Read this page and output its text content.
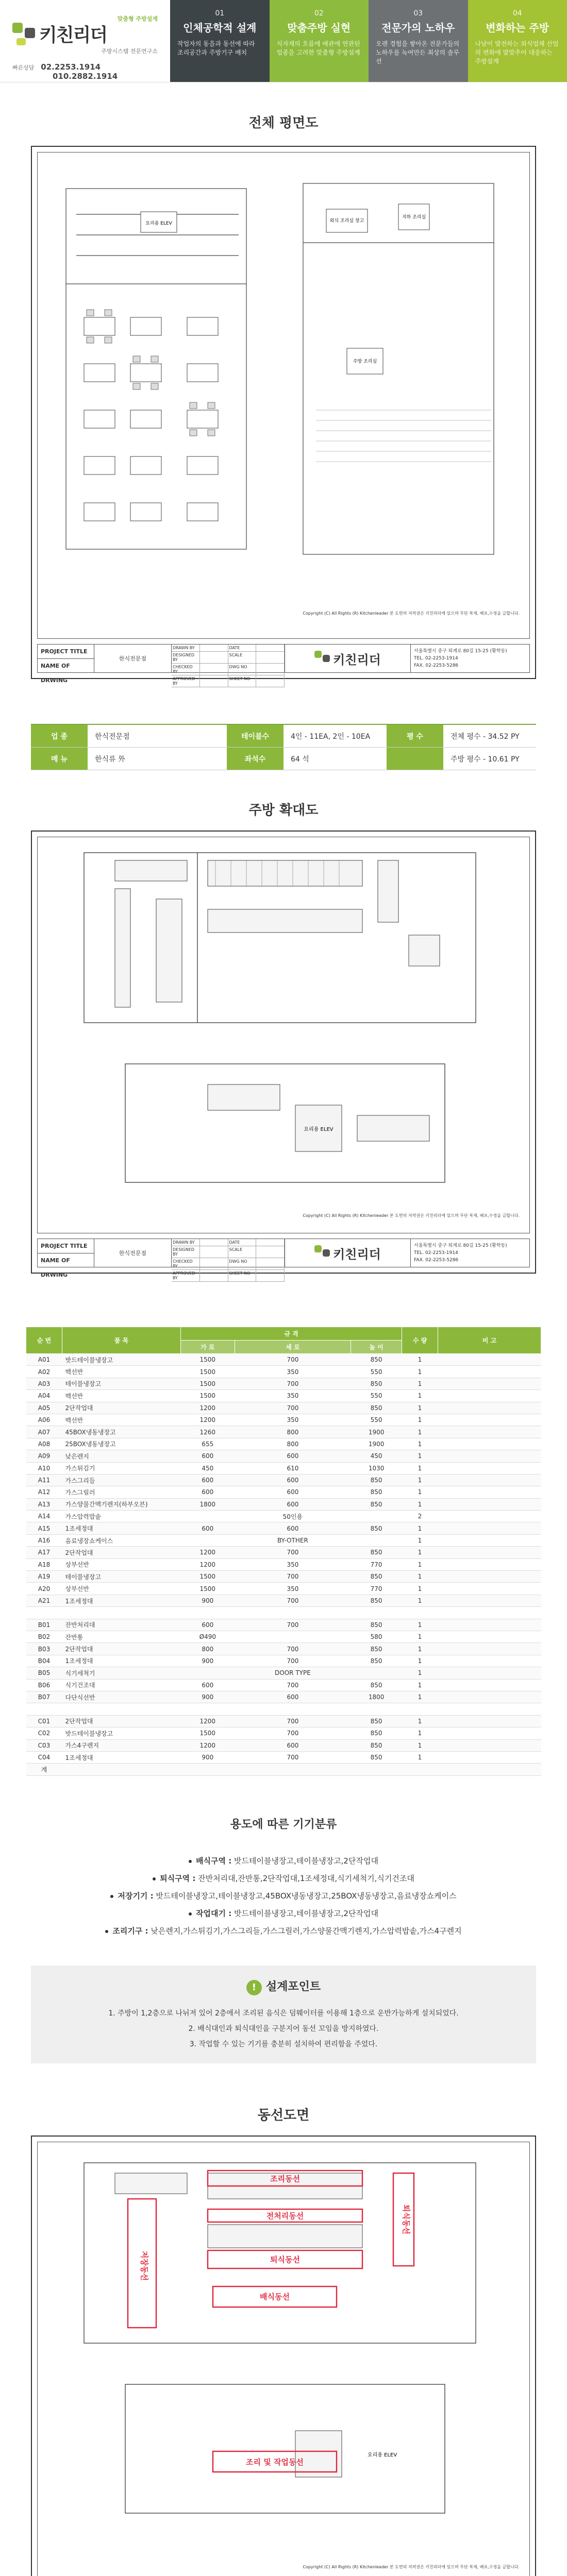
맞춤형 주방설계
키친리더
주방시스템 전문연구소
빠른상담 02.2253.1914
010.2882.1914
01
인체공학적 설계
작업자의 동을과 동선에 따라 조리공간과 주방기구 배치
02
맞춤주방 실현
식자재의 흐름에 배관에 연관된 업종을 고려한 맞춤형 주방설계
03
전문가의 노하우
오랜 경험을 쌓아온 전문가들의 노하우를 녹여만든 최상의 솔루션
04
변화하는 주방
나날이 발전하는 외식업체 산업의 변화에 발맞추어 대응하는 주방설계
전체 평면도
요리용 ELEV	외식 조리실 창고
주방 조리실
지하 조리실
Copyright (C) All Rights (R) Kitchenleader 본 도면의 저작권은 키친리더에 있으며 무단 복제, 배포,수정을 금합니다.
PROJECT TITLE
NAME OF DRWING
한식전문점
DRAWN BY	DATE
DESIGNED BY
SCALE
CHECKED BY
DWG NO
APPROVED BY
SHEET NO
키친리더
서울특별시 중구 퇴계로 80길 15-25 (황학동)
TEL. 02-2253-1914
FAX. 02-2253-5286
업 종	한식전문점	테이블수	4인 - 11EA, 2인 - 10EA	평 수	전체 평수 - 34.52 PY
메 뉴	한식류 外	좌석수	64 석	주방 평수 - 10.61 PY
주방 확대도
요리용 ELEV
Copyright (C) All Rights (R) Kitchenleader 본 도면의 저작권은 키친리더에 있으며 무단 복제, 배포,수정을 금합니다.
PROJECT TITLE
NAME OF DRWING
한식전문점
DRAWN BY	DATE
DESIGNED BY
SCALE
CHECKED BY
DWG NO
APPROVED BY
SHEET NO
키친리더
서울특별시 중구 퇴계로 80길 15-25 (황학동)
TEL. 02-2253-1914
FAX. 02-2253-5286
순 번	품 목	규 격			수 량	비 고
		가 로	세 로	높 이		
A01	밧드테이블냉장고	1500	700	850	1	
A02	백선반	1500	350	550	1	
A03	테이블냉장고	1500	700	850	1	
A04	백선반	1500	350	550	1	
A05	2단작업대	1200	700	850	1	
A06	백선반	1200	350	550	1	
A07	45BOX냉동냉장고	1260	800	1900	1	
A08	25BOX냉동냉장고	655	800	1900	1	
A09	낮은렌지	600	600	450	1	
A10	가스튀김기	450	610	1030	1	
A11	가스그리들	600	600	850	1	
A12	가스그릴러	600	600	850	1	
A13	가스양물간맥기렌지(하부오븐)	1800	600	850	1	
A14	가스압력밥솥		50인용		2	
A15	1조세정대	600	600	850	1	
A16	음료냉장쇼케이스		BY-OTHER		1	
A17	2단작업대	1200	700	850	1	
A18	상부선반	1200	350	770	1	
A19	테이블냉장고	1500	700	850	1	
A20	상부선반	1500	350	770	1	
A21	1조세정대	900	700	850	1	

B01	잔반처리대	600	700	850	1	
B02	잔반통	Ø490		580	1	
B03	2단작업대	800	700	850	1	
B04	1조세정대	900	700	850	1	
B05	식기세척기		DOOR TYPE		1	
B06	식기건조대	600	700	850	1	
B07	다단식선반	900	600	1800	1	

C01	2단작업대	1200	700	850	1	
C02	밧드테이블냉장고	1500	700	850	1	
C03	가스4구렌지	1200	600	850	1	
C04	1조세정대	900	700	850	1	
계						
용도에 따른 기기분류
배식구역 : 밧드테이블냉장고,테이블냉장고,2단작업대
퇴식구역 : 잔반처리대,잔반통,2단작업대,1조세정대,식기세척기,식기건조대
저장기기 : 밧드테이블냉장고,테이블냉장고,45BOX냉동냉장고,25BOX냉동냉장고,음료냉장쇼케이스
작업대기 : 밧드테이블냉장고,테이블냉장고,2단작업대
조리기구 : 낮은렌지,가스튀김기,가스그리들,가스그릴러,가스양물간맥기렌지,가스압력밥솥,가스4구렌지
! 설계포인트
1. 주방이 1,2층으로 나뉘져 있어 2층에서 조리된 음식은 덤웨이터를 이용해 1층으로 운반가능하게 설치되었다.
2. 배식대인과 퇴식대인을 구분지어 동선 꼬임을 방지하였다.
3. 작업할 수 있는 기기를 충분히 설치하여 편리함을 주었다.
동선도면
조리동선
전처리동선
퇴식동선
배식동선
조리 및 작업동선
저장동선
퇴식동선
요리용 ELEV
Copyright (C) All Rights (R) Kitchenleader 본 도면의 저작권은 키친리더에 있으며 무단 복제, 배포,수정을 금합니다.
